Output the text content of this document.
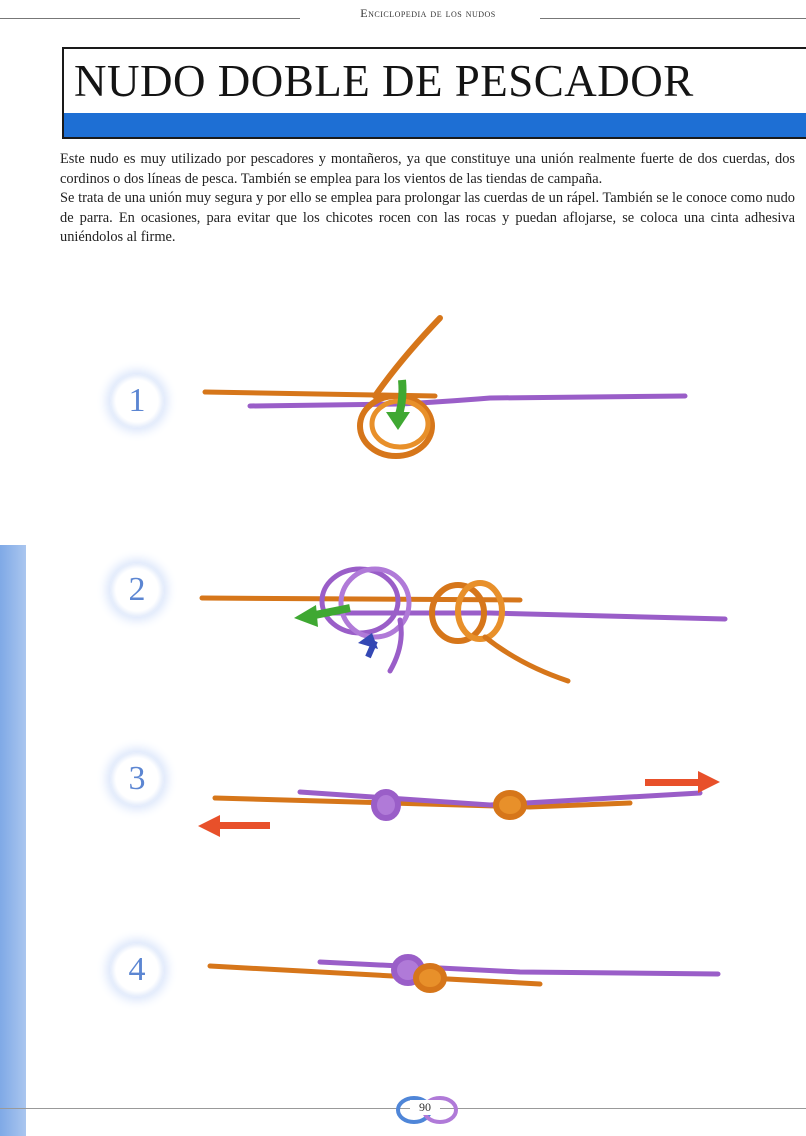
Enciclopedia de los nudos
NUDO DOBLE DE PESCADOR

Este nudo es muy utilizado por pescadores y montañeros, ya que constituye una unión realmente fuerte de dos cuerdas, dos cordinos o dos líneas de pesca. También se emplea para los vientos de las tiendas de campaña.

Se trata de una unión muy segura y por ello se emplea para prolongar las cuerdas de un rápel. También se le conoce como nudo de parra. En ocasiones, para evitar que los chicotes rocen con las rocas y puedan aflojarse, se coloca una cinta adhesiva uniéndolos al firme.

1
2
3
4
90
